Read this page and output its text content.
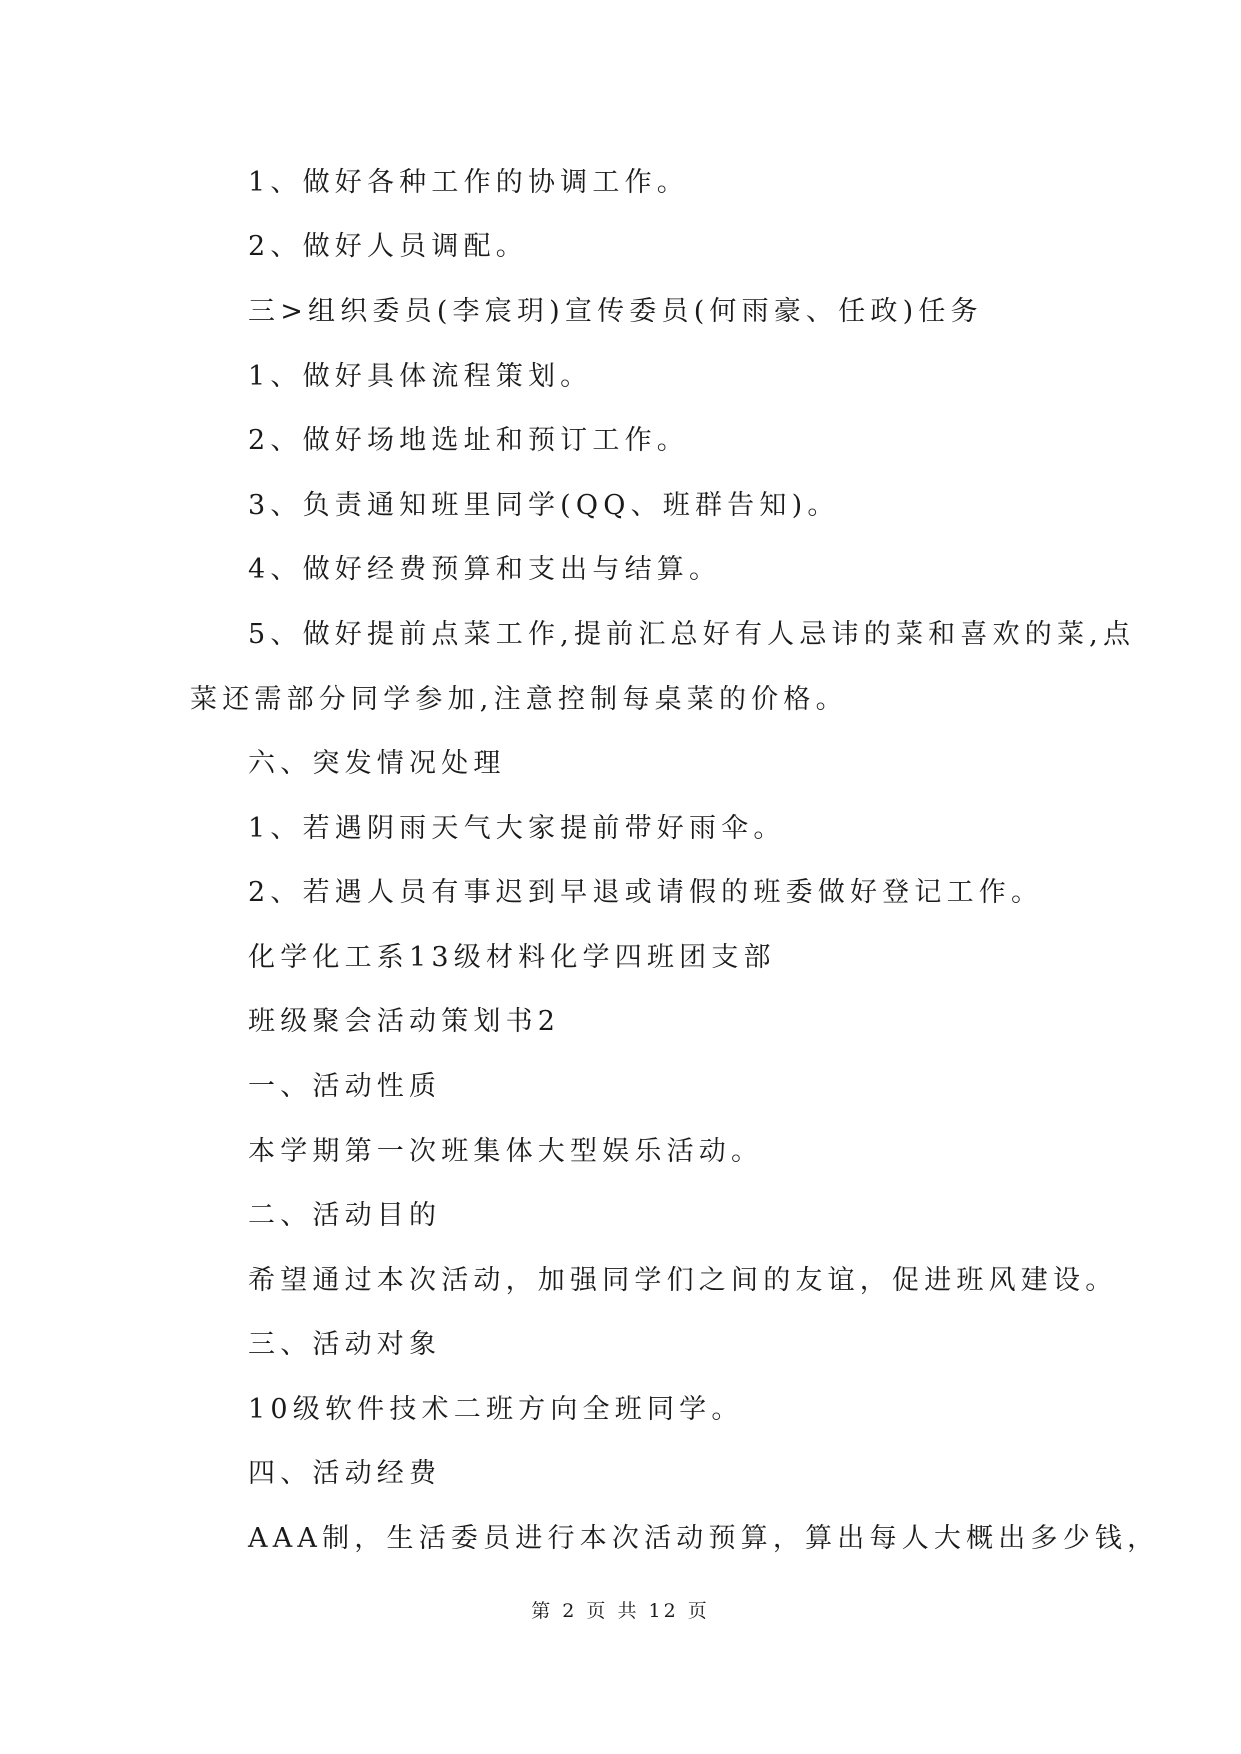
1、做好各种工作的协调工作。
2、做好人员调配。
三>组织委员(李宸玥)宣传委员(何雨豪、任政)任务
1、做好具体流程策划。
2、做好场地选址和预订工作。
3、负责通知班里同学(QQ、班群告知)。
4、做好经费预算和支出与结算。
5、做好提前点菜工作,提前汇总好有人忌讳的菜和喜欢的菜,点
菜还需部分同学参加,注意控制每桌菜的价格。
六、突发情况处理
1、若遇阴雨天气大家提前带好雨伞。
2、若遇人员有事迟到早退或请假的班委做好登记工作。
化学化工系13级材料化学四班团支部
班级聚会活动策划书2
一、活动性质
本学期第一次班集体大型娱乐活动。
二、活动目的
希望通过本次活动，加强同学们之间的友谊，促进班风建设。
三、活动对象
10级软件技术二班方向全班同学。
四、活动经费
AAA制，生活委员进行本次活动预算，算出每人大概出多少钱，
第 2 页 共 12 页
